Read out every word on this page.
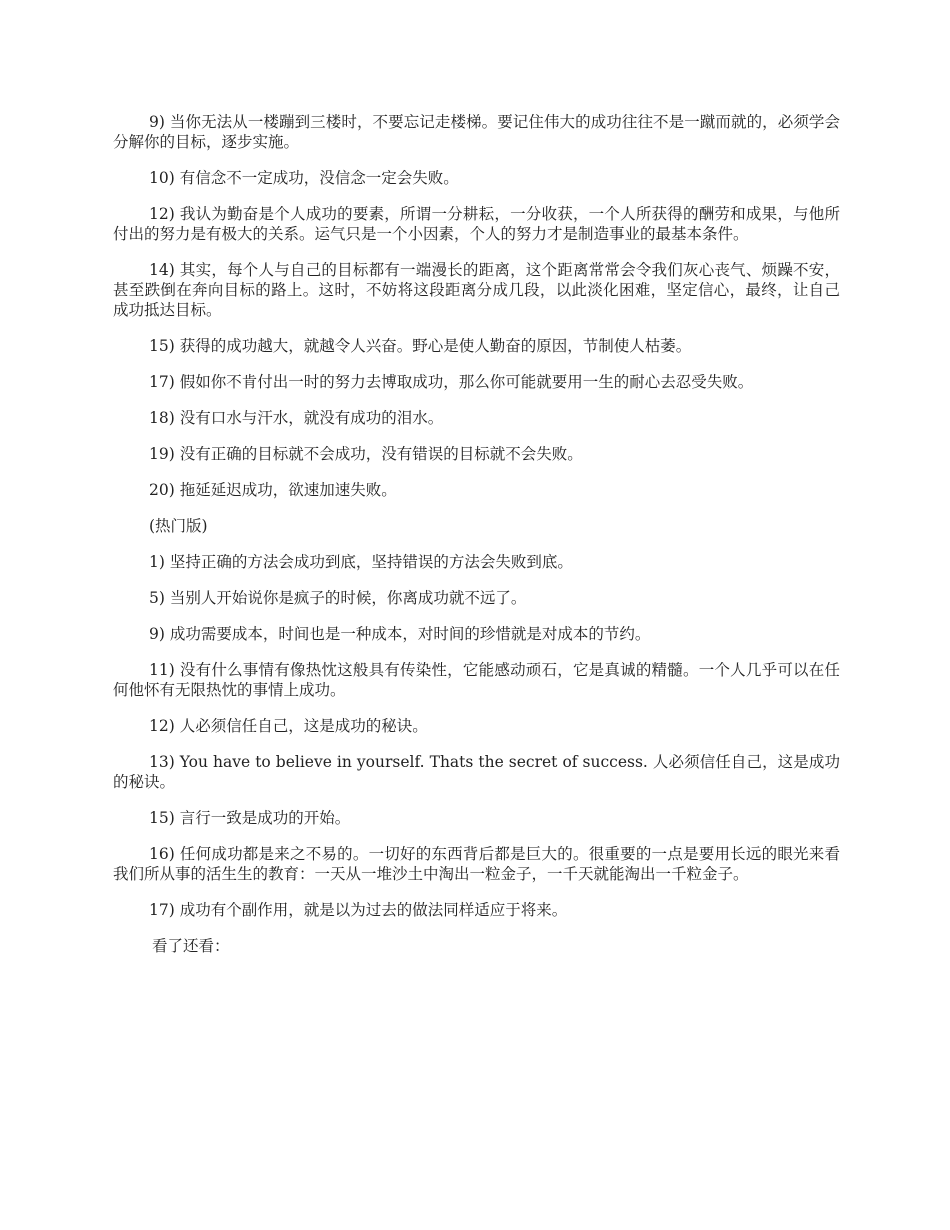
9) 当你无法从一楼蹦到三楼时，不要忘记走楼梯。要记住伟大的成功往往不是一蹴而就的，必须学会分解你的目标，逐步实施。

10) 有信念不一定成功，没信念一定会失败。

12) 我认为勤奋是个人成功的要素，所谓一分耕耘，一分收获，一个人所获得的酬劳和成果，与他所付出的努力是有极大的关系。运气只是一个小因素，个人的努力才是制造事业的最基本条件。

14) 其实，每个人与自己的目标都有一端漫长的距离，这个距离常常会令我们灰心丧气、烦躁不安，甚至跌倒在奔向目标的路上。这时，不妨将这段距离分成几段，以此淡化困难，坚定信心，最终，让自己成功抵达目标。

15) 获得的成功越大，就越令人兴奋。野心是使人勤奋的原因，节制使人枯萎。

17) 假如你不肯付出一时的努力去博取成功，那么你可能就要用一生的耐心去忍受失败。

18) 没有口水与汗水，就没有成功的泪水。

19) 没有正确的目标就不会成功，没有错误的目标就不会失败。

20) 拖延延迟成功，欲速加速失败。

(热门版)

1) 坚持正确的方法会成功到底，坚持错误的方法会失败到底。

5) 当别人开始说你是疯子的时候，你离成功就不远了。

9) 成功需要成本，时间也是一种成本，对时间的珍惜就是对成本的节约。

11) 没有什么事情有像热忱这般具有传染性，它能感动顽石，它是真诚的精髓。一个人几乎可以在任何他怀有无限热忱的事情上成功。

12) 人必须信任自己，这是成功的秘诀。

13) You have to believe in yourself. Thats the secret of success. 人必须信任自己，这是成功的秘诀。

15) 言行一致是成功的开始。

16) 任何成功都是来之不易的。一切好的东西背后都是巨大的。很重要的一点是要用长远的眼光来看我们所从事的活生生的教育：一天从一堆沙土中淘出一粒金子，一千天就能淘出一千粒金子。

17) 成功有个副作用，就是以为过去的做法同样适应于将来。

看了还看：
